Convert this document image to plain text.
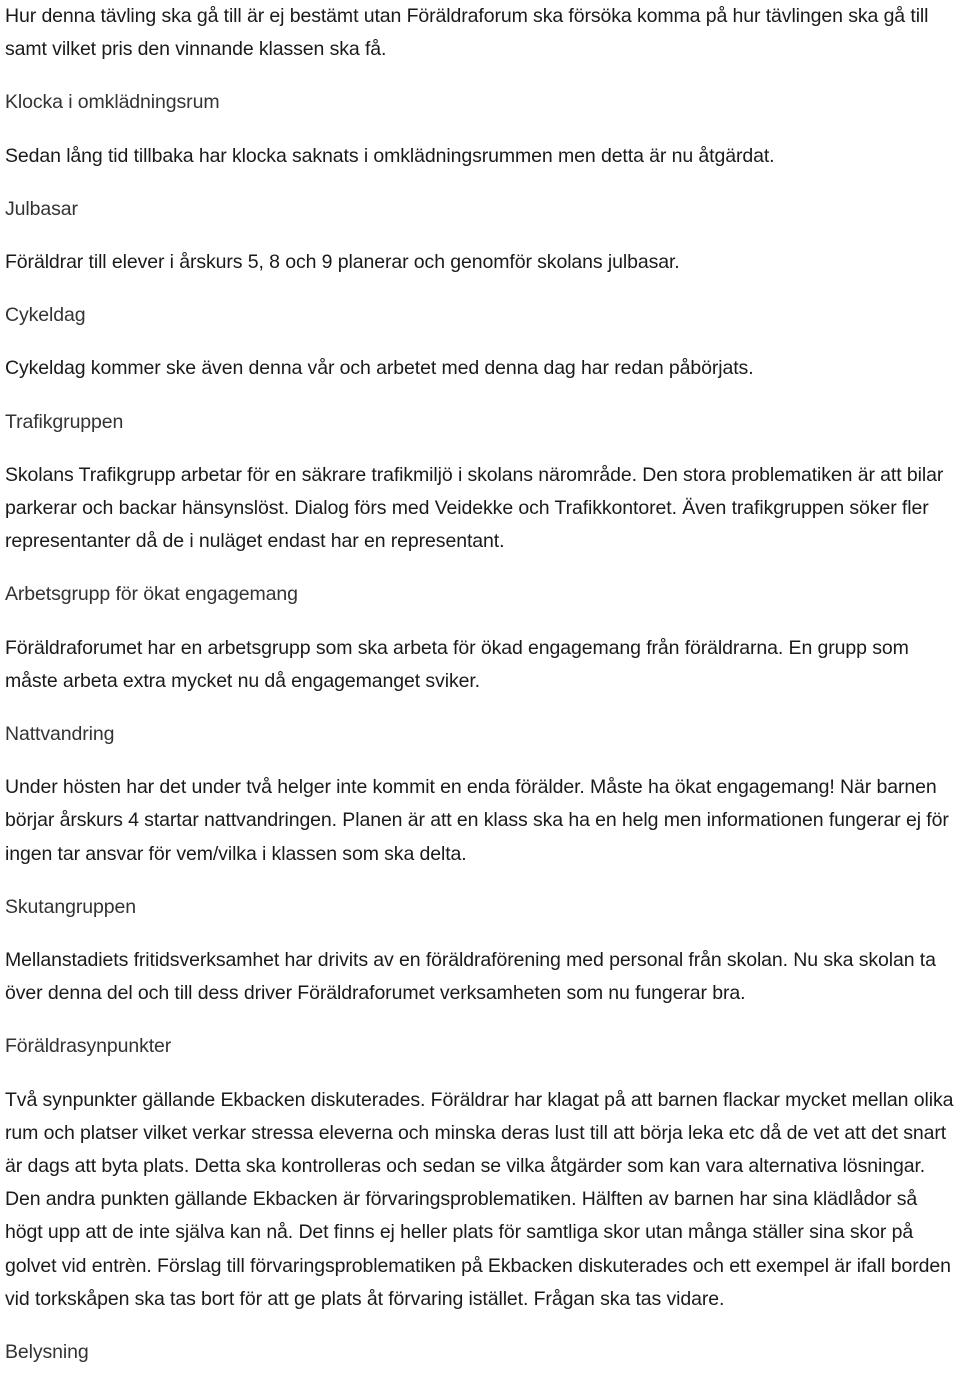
Hur denna tävling ska gå till är ej bestämt utan Föräldraforum ska försöka komma på hur tävlingen ska gå till samt vilket pris den vinnande klassen ska få.

Klocka i omklädningsrum

Sedan lång tid tillbaka har klocka saknats i omklädningsrummen men detta är nu åtgärdat.

Julbasar

Föräldrar till elever i årskurs 5, 8 och 9 planerar och genomför skolans julbasar.

Cykeldag

Cykeldag kommer ske även denna vår och arbetet med denna dag har redan påbörjats.

Trafikgruppen

Skolans Trafikgrupp arbetar för en säkrare trafikmiljö i skolans närområde. Den stora problematiken är att bilar parkerar och backar hänsynslöst. Dialog förs med Veidekke och Trafikkontoret. Även trafikgruppen söker fler representanter då de i nuläget endast har en representant.

Arbetsgrupp för ökat engagemang

Föräldraforumet har en arbetsgrupp som ska arbeta för ökad engagemang från föräldrarna. En grupp som måste arbeta extra mycket nu då engagemanget sviker.

Nattvandring

Under hösten har det under två helger inte kommit en enda förälder. Måste ha ökat engagemang! När barnen börjar årskurs 4 startar nattvandringen. Planen är att en klass ska ha en helg men informationen fungerar ej för ingen tar ansvar för vem/vilka i klassen som ska delta.

Skutangruppen

Mellanstadiets fritidsverksamhet har drivits av en föräldraförening med personal från skolan. Nu ska skolan ta över denna del och till dess driver Föräldraforumet verksamheten som nu fungerar bra.

Föräldrasynpunkter

Två synpunkter gällande Ekbacken diskuterades. Föräldrar har klagat på att barnen flackar mycket mellan olika rum och platser vilket verkar stressa eleverna och minska deras lust till att börja leka etc då de vet att det snart är dags att byta plats. Detta ska kontrolleras och sedan se vilka åtgärder som kan vara alternativa lösningar. Den andra punkten gällande Ekbacken är förvaringsproblematiken. Hälften av barnen har sina klädlådor så högt upp att de inte själva kan nå. Det finns ej heller plats för samtliga skor utan många ställer sina skor på golvet vid entrèn. Förslag till förvaringsproblematiken på Ekbacken diskuterades och ett exempel är ifall borden vid torkskåpen ska tas bort för att ge plats åt förvaring istället. Frågan ska tas vidare.

Belysning
